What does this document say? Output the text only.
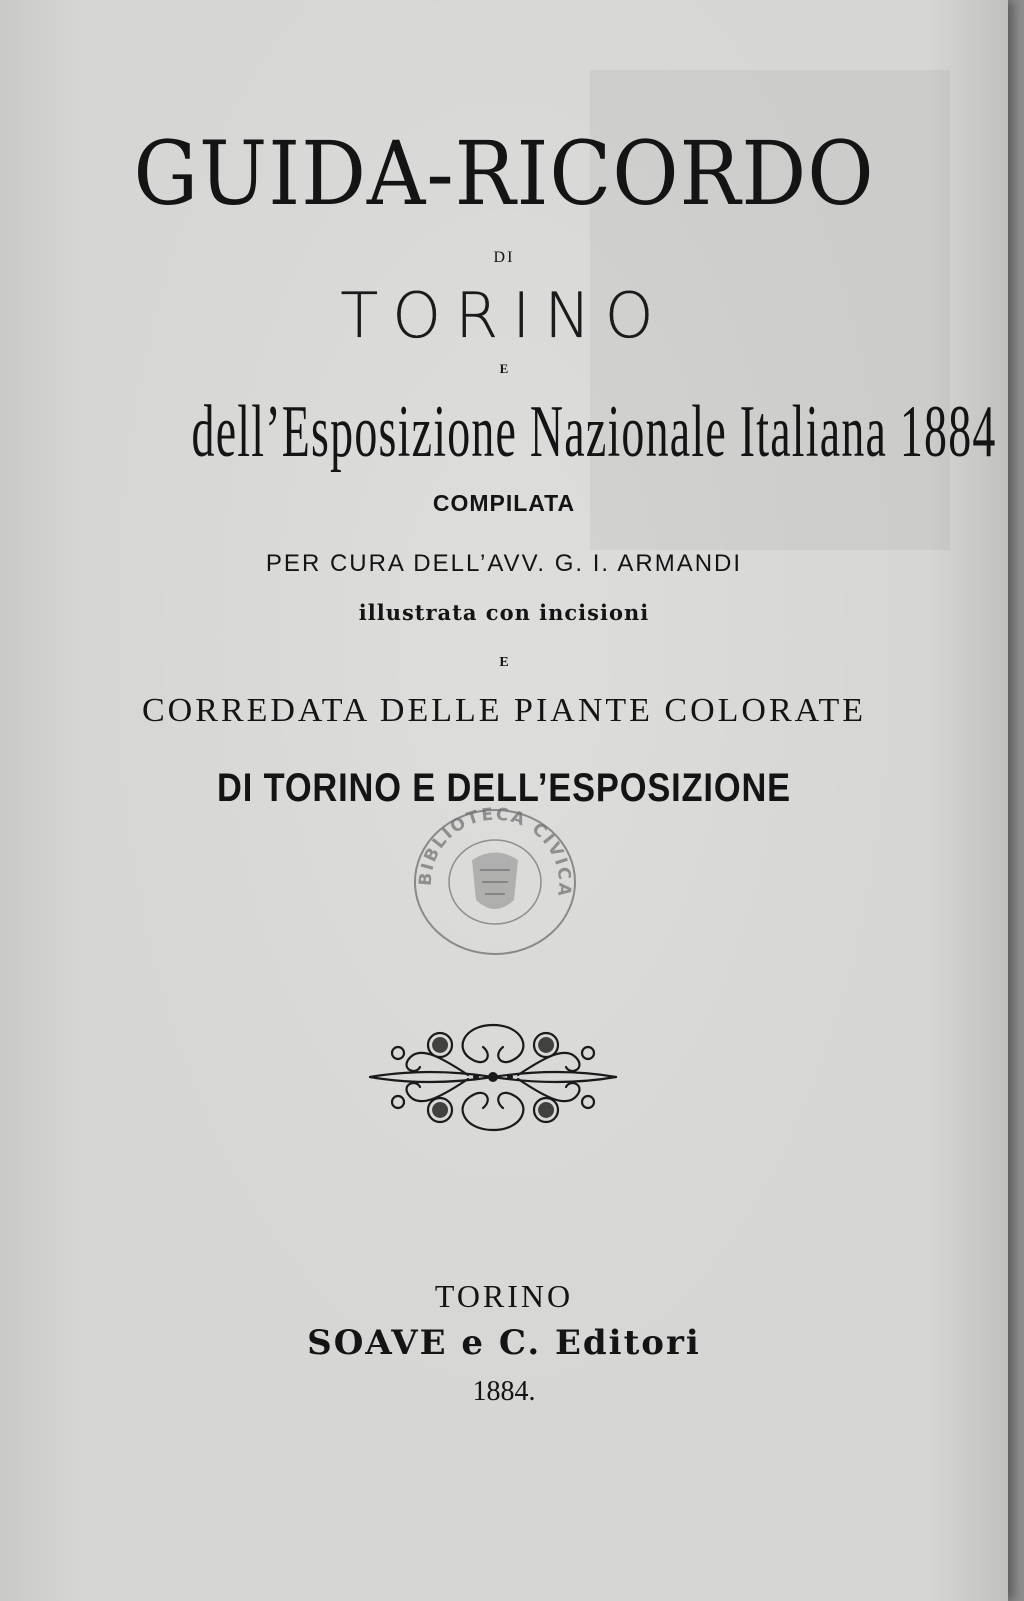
GUIDA-RICORDO
DI
TORINO
E
dell’Esposizione Nazionale Italiana 1884
COMPILATA
PER CURA DELL’AVV. G. I. ARMANDI
illustrata con incisioni
E
CORREDATA DELLE PIANTE COLORATE
DI TORINO E DELL’ESPOSIZIONE
BIBLIOTECA CIVICA
TORINO
SOAVE e C. Editori
1884.
